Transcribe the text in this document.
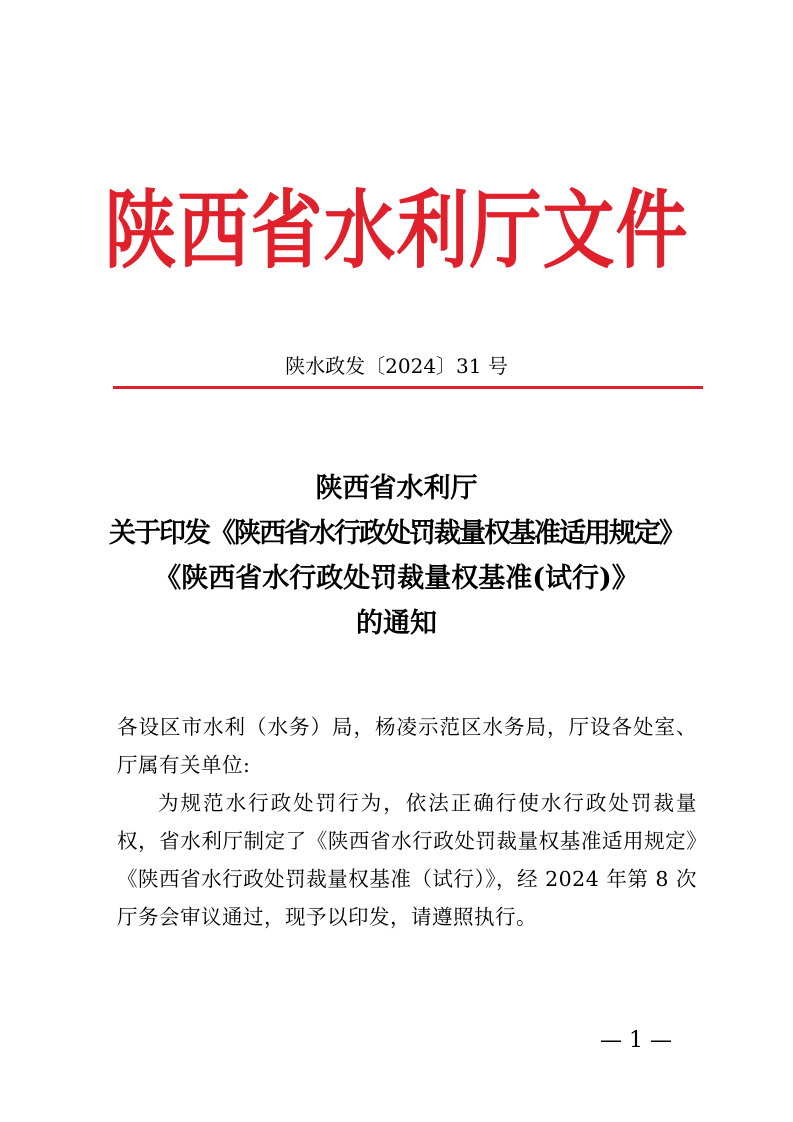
陕西省水利厅文件
陕水政发〔2024〕31 号
陕西省水利厅
关于印发《陕西省水行政处罚裁量权基准适用规定》
《陕西省水行政处罚裁量权基准(试行)》
的通知

各设区市水利（水务）局，杨凌示范区水务局，厅设各处室、厅属有关单位:

为规范水行政处罚行为，依法正确行使水行政处罚裁量权，省水利厅制定了《陕西省水行政处罚裁量权基准适用规定》《陕西省水行政处罚裁量权基准（试行）》，经 2024 年第 8 次厅务会审议通过，现予以印发，请遵照执行。

— 1 —
